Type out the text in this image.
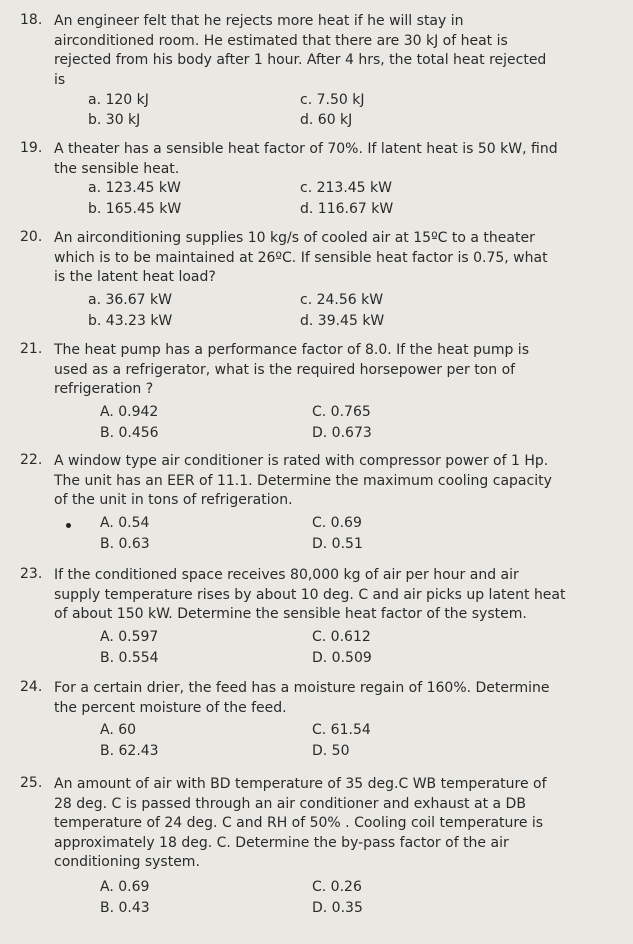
18. An engineer felt that he rejects more heat if he will stay in

airconditioned room. He estimated that there are 30 kJ of heat is

rejected from his body after 1 hour. After 4 hrs, the total heat rejected

is

a. 120 kJ
b. 30 kJ
c. 7.50 kJ
d. 60 kJ
19. A theater has a sensible heat factor of 70%. If latent heat is 50 kW, find

the sensible heat.

a. 123.45 kW
b. 165.45 kW
c. 213.45 kW
d. 116.67 kW
20. An airconditioning supplies 10 kg/s of cooled air at 15ºC to a theater

which is to be maintained at 26ºC. If sensible heat factor is 0.75, what

is the latent heat load?

a. 36.67 kW
b. 43.23 kW
c. 24.56 kW
d. 39.45 kW
21. The heat pump has a performance factor of 8.0. If the heat pump is

used as a refrigerator, what is the required horsepower per ton of

refrigeration ?

A. 0.942
B. 0.456
C. 0.765
D. 0.673
22. A window type air conditioner is rated with compressor power of 1 Hp.

The unit has an EER of 11.1. Determine the maximum cooling capacity

of the unit in tons of refrigeration.

A. 0.54
B. 0.63
C. 0.69
D. 0.51
23. If the conditioned space receives 80,000 kg of air per hour and air

supply temperature rises by about 10 deg. C and air picks up latent heat

of about 150 kW. Determine the sensible heat factor of the system.

A. 0.597
B. 0.554
C. 0.612
D. 0.509
24. For a certain drier, the feed has a moisture regain of 160%. Determine

the percent moisture of the feed.

A. 60
B. 62.43
C. 61.54
D. 50
25. An amount of air with BD temperature of 35 deg.C WB temperature of

28 deg. C is passed through an air conditioner and exhaust at a DB

temperature of 24 deg. C and RH of 50% . Cooling coil temperature is

approximately 18 deg. C. Determine the by-pass factor of the air

conditioning system.

A. 0.69
B. 0.43
C. 0.26
D. 0.35
